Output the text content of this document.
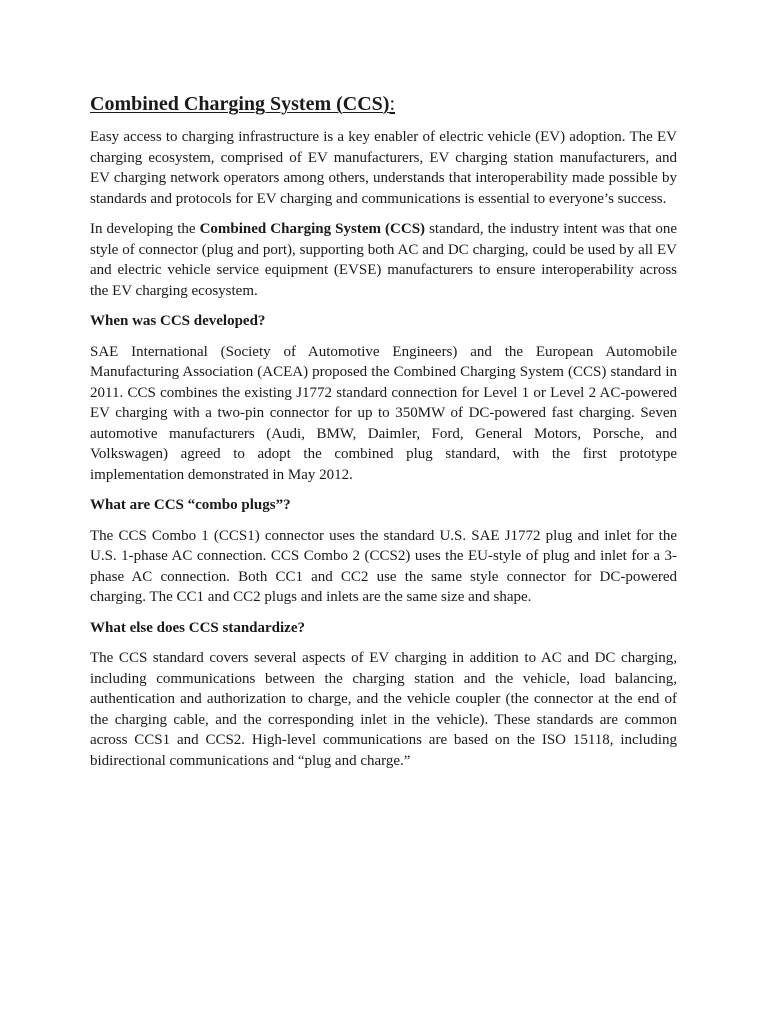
Combined Charging System (CCS):

Easy access to charging infrastructure is a key enabler of electric vehicle (EV) adoption. The EV charging ecosystem, comprised of EV manufacturers, EV charging station manufacturers, and EV charging network operators among others, understands that interoperability made possible by standards and protocols for EV charging and communications is essential to everyone’s success.

In developing the Combined Charging System (CCS) standard, the industry intent was that one style of connector (plug and port), supporting both AC and DC charging, could be used by all EV and electric vehicle service equipment (EVSE) manufacturers to ensure interoperability across the EV charging ecosystem.

When was CCS developed?

SAE International (Society of Automotive Engineers) and the European Automobile Manufacturing Association (ACEA) proposed the Combined Charging System (CCS) standard in 2011. CCS combines the existing J1772 standard connection for Level 1 or Level 2 AC-powered EV charging with a two-pin connector for up to 350MW of DC-powered fast charging. Seven automotive manufacturers (Audi, BMW, Daimler, Ford, General Motors, Porsche, and Volkswagen) agreed to adopt the combined plug standard, with the first prototype implementation demonstrated in May 2012.

What are CCS “combo plugs”?

The CCS Combo 1 (CCS1) connector uses the standard U.S. SAE J1772 plug and inlet for the U.S. 1-phase AC connection. CCS Combo 2 (CCS2) uses the EU-style of plug and inlet for a 3-phase AC connection. Both CC1 and CC2 use the same style connector for DC-powered charging. The CC1 and CC2 plugs and inlets are the same size and shape.

What else does CCS standardize?

The CCS standard covers several aspects of EV charging in addition to AC and DC charging, including communications between the charging station and the vehicle, load balancing, authentication and authorization to charge, and the vehicle coupler (the connector at the end of the charging cable, and the corresponding inlet in the vehicle). These standards are common across CCS1 and CCS2. High-level communications are based on the ISO 15118, including bidirectional communications and “plug and charge.”
